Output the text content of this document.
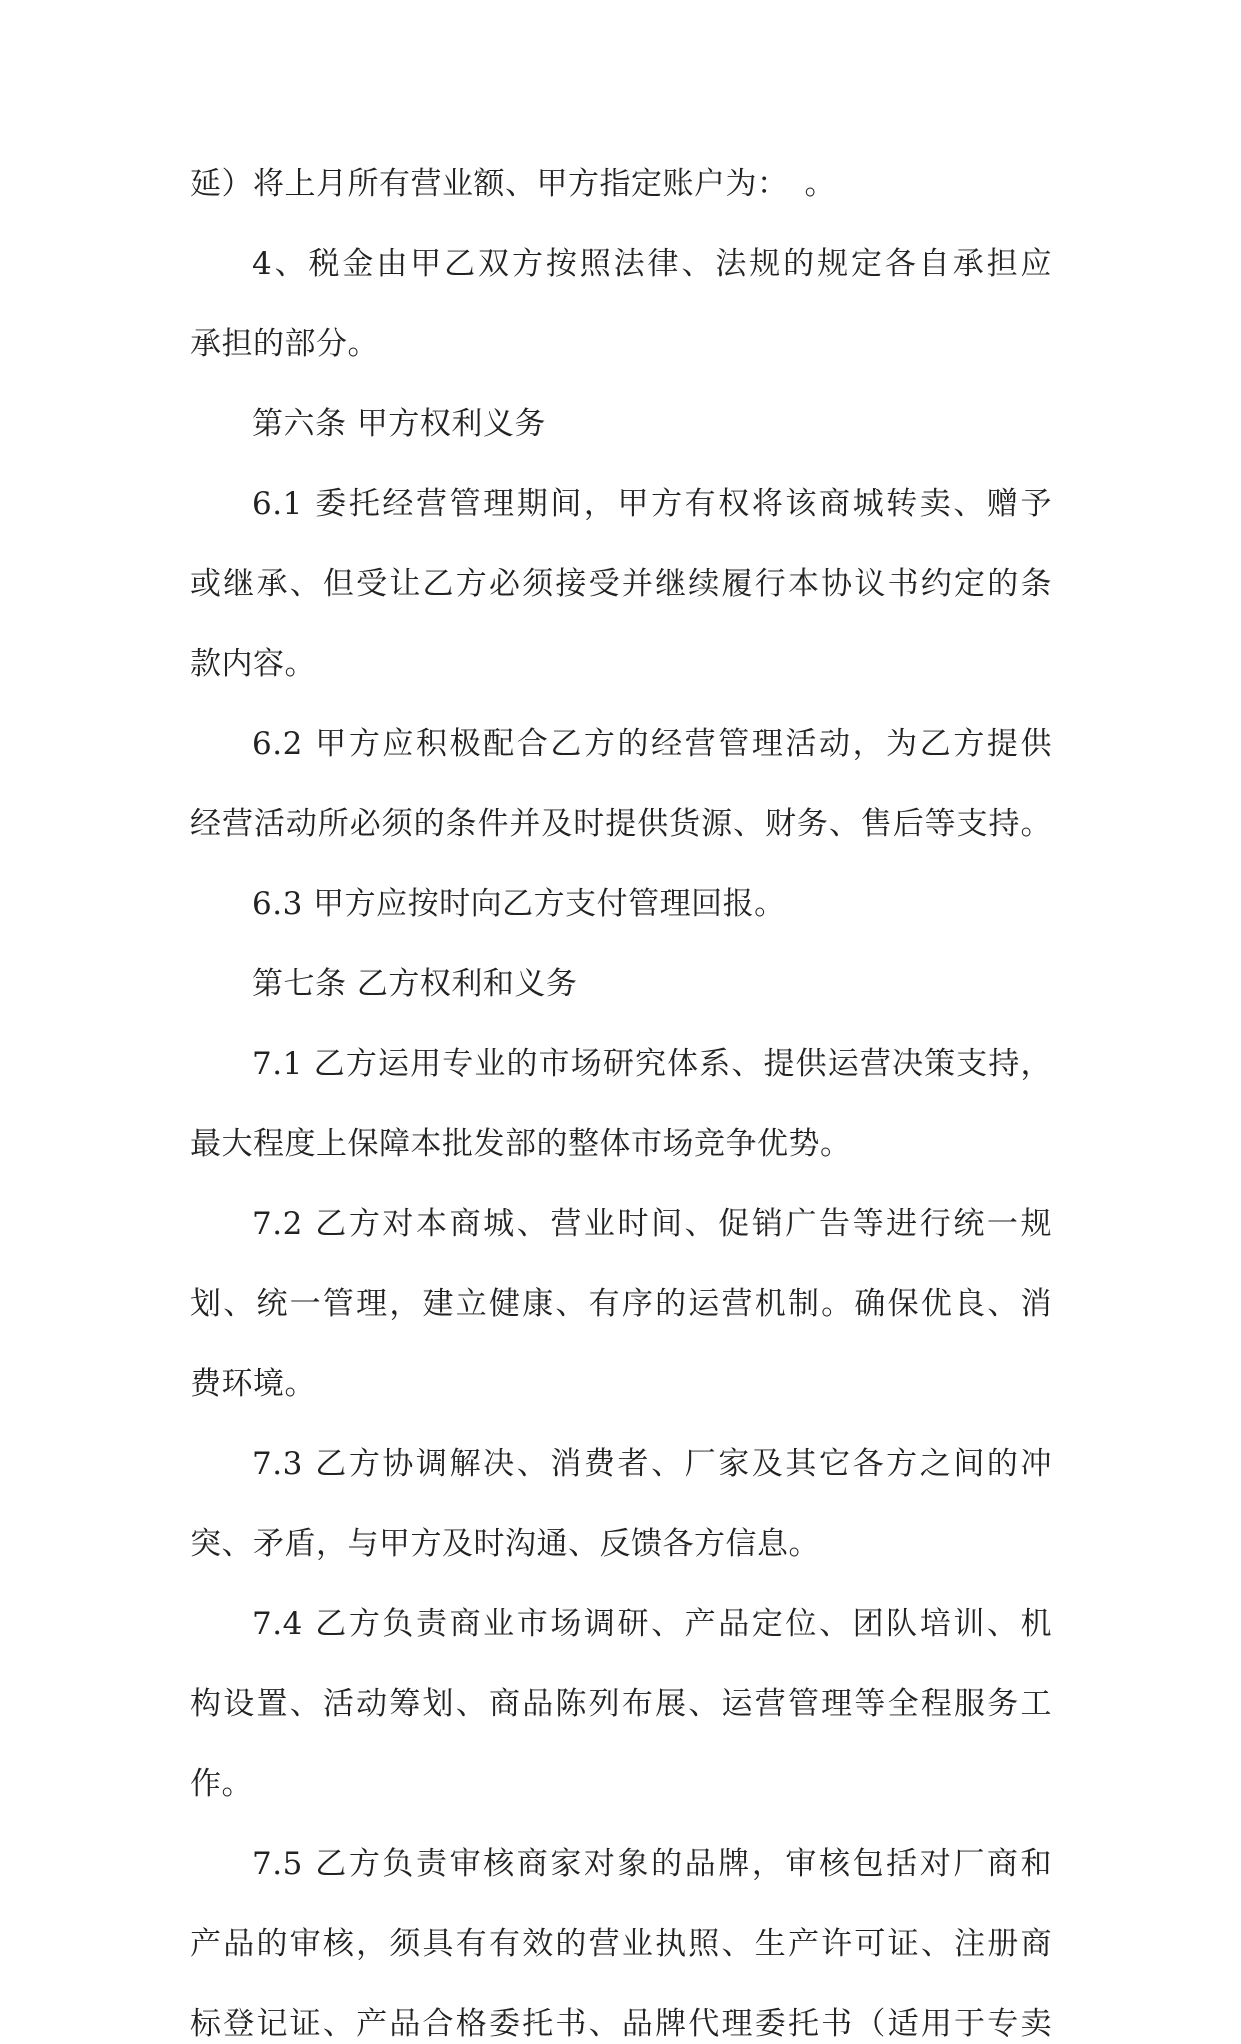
延）将上月所有营业额、甲方指定账户为：　。
4、税金由甲乙双方按照法律、法规的规定各自承担应
承担的部分。
第六条 甲方权利义务
6.1 委托经营管理期间，甲方有权将该商城转卖、赠予
或继承、但受让乙方必须接受并继续履行本协议书约定的条
款内容。
6.2 甲方应积极配合乙方的经营管理活动，为乙方提供
经营活动所必须的条件并及时提供货源、财务、售后等支持。
6.3 甲方应按时向乙方支付管理回报。
第七条 乙方权利和义务
7.1 乙方运用专业的市场研究体系、提供运营决策支持，
最大程度上保障本批发部的整体市场竞争优势。
7.2 乙方对本商城、营业时间、促销广告等进行统一规
划、统一管理，建立健康、有序的运营机制。确保优良、消
费环境。
7.3 乙方协调解决、消费者、厂家及其它各方之间的冲
突、矛盾，与甲方及时沟通、反馈各方信息。
7.4 乙方负责商业市场调研、产品定位、团队培训、机
构设置、活动筹划、商品陈列布展、运营管理等全程服务工
作。
7.5 乙方负责审核商家对象的品牌，审核包括对厂商和
产品的审核，须具有有效的营业执照、生产许可证、注册商
标登记证、产品合格委托书、品牌代理委托书（适用于专卖
